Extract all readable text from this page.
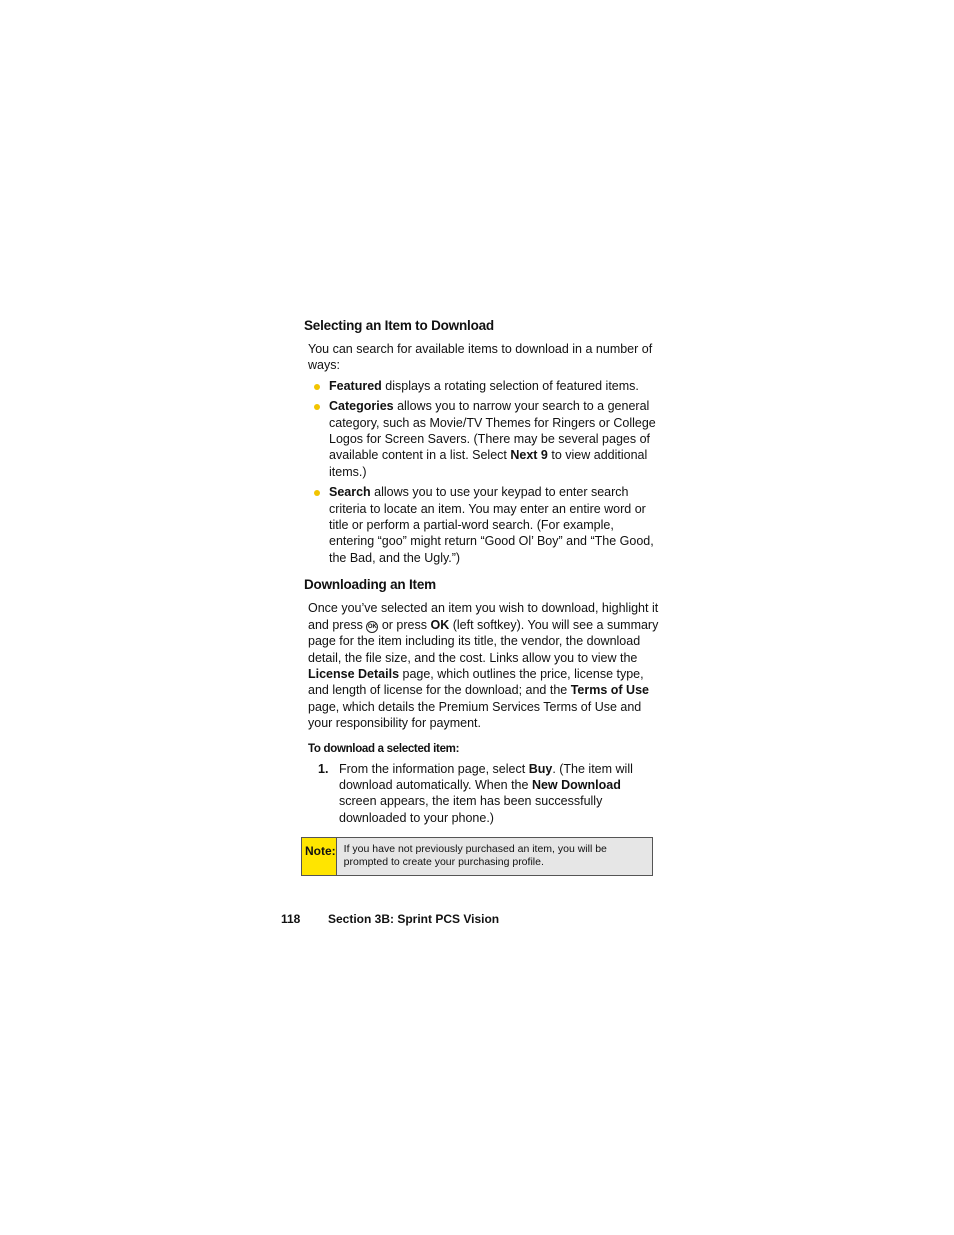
Selecting an Item to Download
You can search for available items to download in a number of ways:
Featured displays a rotating selection of featured items.
Categories allows you to narrow your search to a general category, such as Movie/TV Themes for Ringers or College Logos for Screen Savers. (There may be several pages of available content in a list. Select Next 9 to view additional items.)
Search allows you to use your keypad to enter search criteria to locate an item. You may enter an entire word or title or perform a partial-word search. (For example, entering “goo” might return “Good Ol’ Boy” and “The Good, the Bad, and the Ugly.”)
Downloading an Item
Once you’ve selected an item you wish to download, highlight it and press OK or press OK (left softkey). You will see a summary page for the item including its title, the vendor, the download detail, the file size, and the cost. Links allow you to view the License Details page, which outlines the price, license type, and length of license for the download; and the Terms of Use page, which details the Premium Services Terms of Use and your responsibility for payment.
To download a selected item:
1. From the information page, select Buy. (The item will download automatically. When the New Download screen appears, the item has been successfully downloaded to your phone.)
Note: If you have not previously purchased an item, you will be prompted to create your purchasing profile.
118 Section 3B: Sprint PCS Vision
